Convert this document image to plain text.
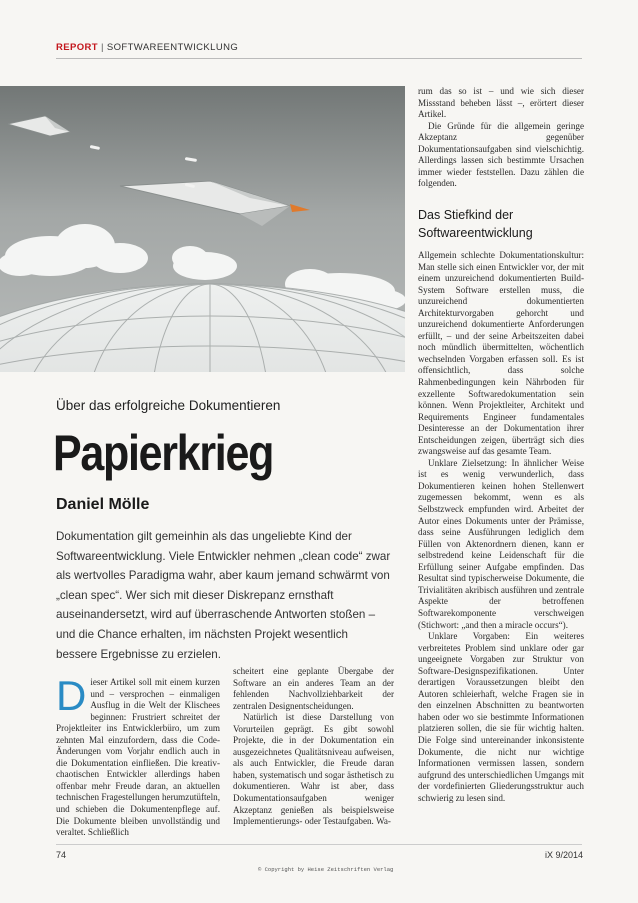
REPORT | SOFTWAREENTWICKLUNG
Über das erfolgreiche Dokumentieren
Papierkrieg
Daniel Mölle
Dokumentation gilt gemeinhin als das ungeliebte Kind der Softwareentwicklung. Viele Entwickler nehmen „clean code“ zwar als wertvolles Paradigma wahr, aber kaum jemand schwärmt von „clean spec“. Wer sich mit dieser Diskrepanz ernsthaft auseinandersetzt, wird auf überraschende Antworten stoßen – und die Chance erhalten, im nächsten Projekt wesentlich bessere Ergebnisse zu erzielen.

Dieser Artikel soll mit einem kurzen und – versprochen – einmaligen Ausflug in die Welt der Klischees beginnen: Frustriert schreitet der Projektleiter ins Entwicklerbüro, um zum zehnten Mal einzufordern, dass die Code-Änderungen vom Vorjahr endlich auch in die Dokumentation einfließen. Die kreativ-chaotischen Entwickler allerdings haben offenbar mehr Freude daran, an aktuellen technischen Fragestellungen herumzutüfteln, und schieben die Dokumentenpflege auf. Die Dokumente bleiben unvollständig und veraltet. Schließlich

scheitert eine geplante Übergabe der Software an ein anderes Team an der fehlenden Nachvollziehbarkeit der zentralen Designentscheidungen.

Natürlich ist diese Darstellung von Vorurteilen geprägt. Es gibt sowohl Projekte, die in der Dokumentation ein ausgezeichnetes Qualitätsniveau aufweisen, als auch Entwickler, die Freude daran haben, systematisch und sogar ästhetisch zu dokumentieren. Wahr ist aber, dass Dokumentationsaufgaben weniger Akzeptanz genießen als beispielsweise Implementierungs- oder Testaufgaben. Wa-

rum das so ist – und wie sich dieser Missstand beheben lässt –, erörtert dieser Artikel.

Die Gründe für die allgemein geringe Akzeptanz gegenüber Dokumentationsaufgaben sind vielschichtig. Allerdings lassen sich bestimmte Ursachen immer wieder feststellen. Dazu zählen die folgenden.

Das Stiefkind der Softwareentwicklung

Allgemein schlechte Dokumentationskultur: Man stelle sich einen Entwickler vor, der mit einem unzureichend dokumentierten Build-System Software erstellen muss, die unzureichend dokumentierten Architekturvorgaben gehorcht und unzureichend dokumentierte Anforderungen erfüllt, – und der seine Arbeitszeiten dabei noch mündlich übermittelten, wöchentlich wechselnden Vorgaben erfassen soll. Es ist offensichtlich, dass solche Rahmenbedingungen kein Nährboden für exzellente Softwaredokumentation sein können. Wenn Projektleiter, Architekt und Requirements Engineer fundamentales Desinteresse an der Dokumentation ihrer Entscheidungen zeigen, überträgt sich dies zwangsweise auf das gesamte Team.

Unklare Zielsetzung: In ähnlicher Weise ist es wenig verwunderlich, dass Dokumentieren keinen hohen Stellenwert zugemessen bekommt, wenn es als Selbstzweck empfunden wird. Arbeitet der Autor eines Dokuments unter der Prämisse, dass seine Ausführungen lediglich dem Füllen von Aktenordnern dienen, kann er selbstredend keine Leidenschaft für die Erfüllung seiner Aufgabe empfinden. Das Resultat sind typischerweise Dokumente, die Trivialitäten akribisch ausführen und zentrale Aspekte der betroffenen Softwarekomponente verschweigen (Stichwort: „and then a miracle occurs“).

Unklare Vorgaben: Ein weiteres verbreitetes Problem sind unklare oder gar ungeeignete Vorgaben zur Struktur von Software-Designspezifikationen. Unter derartigen Voraussetzungen bleibt den Autoren schleierhaft, welche Fragen sie in den einzelnen Abschnitten zu beantworten haben oder wo sie bestimmte Informationen platzieren sollen, die sie für wichtig halten. Die Folge sind untereinander inkonsistente Dokumente, die nicht nur wichtige Informationen vermissen lassen, sondern aufgrund des unterschiedlichen Umgangs mit der vordefinierten Gliederungsstruktur auch schwierig zu lesen sind.

74	iX 9/2014
© Copyright by Heise Zeitschriften Verlag
